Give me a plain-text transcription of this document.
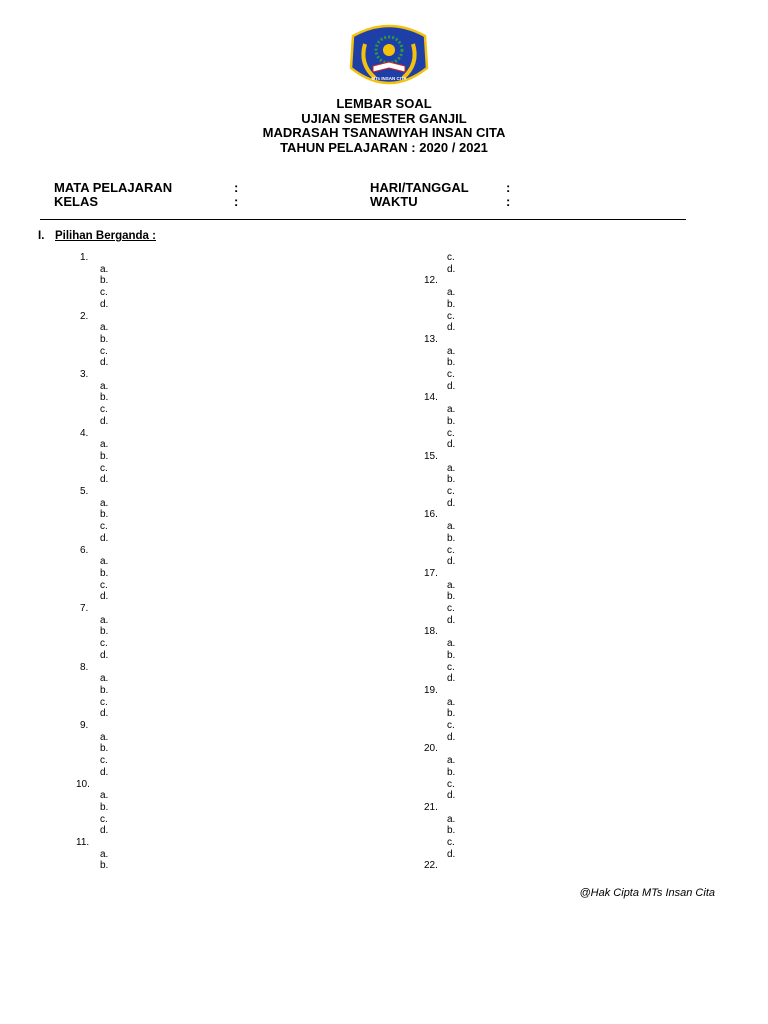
MTs INSAN CITA
LEMBAR SOAL
UJIAN SEMESTER GANJIL
MADRASAH TSANAWIYAH INSAN CITA
TAHUN PELAJARAN : 2020 / 2021
MATA PELAJARAN	:
KELAS	:
HARI/TANGGAL	:
WAKTU	:
I. Pilihan Berganda :
1.
a.
b.
c.
d.
2.
a.
b.
c.
d.
3.
a.
b.
c.
d.
4.
a.
b.
c.
d.
5.
a.
b.
c.
d.
6.
a.
b.
c.
d.
7.
a.
b.
c.
d.
8.
a.
b.
c.
d.
9.
a.
b.
c.
d.
10.
a.
b.
c.
d.
11.
a.
b.
c.
d.
12.
a.
b.
c.
d.
13.
a.
b.
c.
d.
14.
a.
b.
c.
d.
15.
a.
b.
c.
d.
16.
a.
b.
c.
d.
17.
a.
b.
c.
d.
18.
a.
b.
c.
d.
19.
a.
b.
c.
d.
20.
a.
b.
c.
d.
21.
a.
b.
c.
d.
22.
@Hak Cipta MTs Insan Cita
